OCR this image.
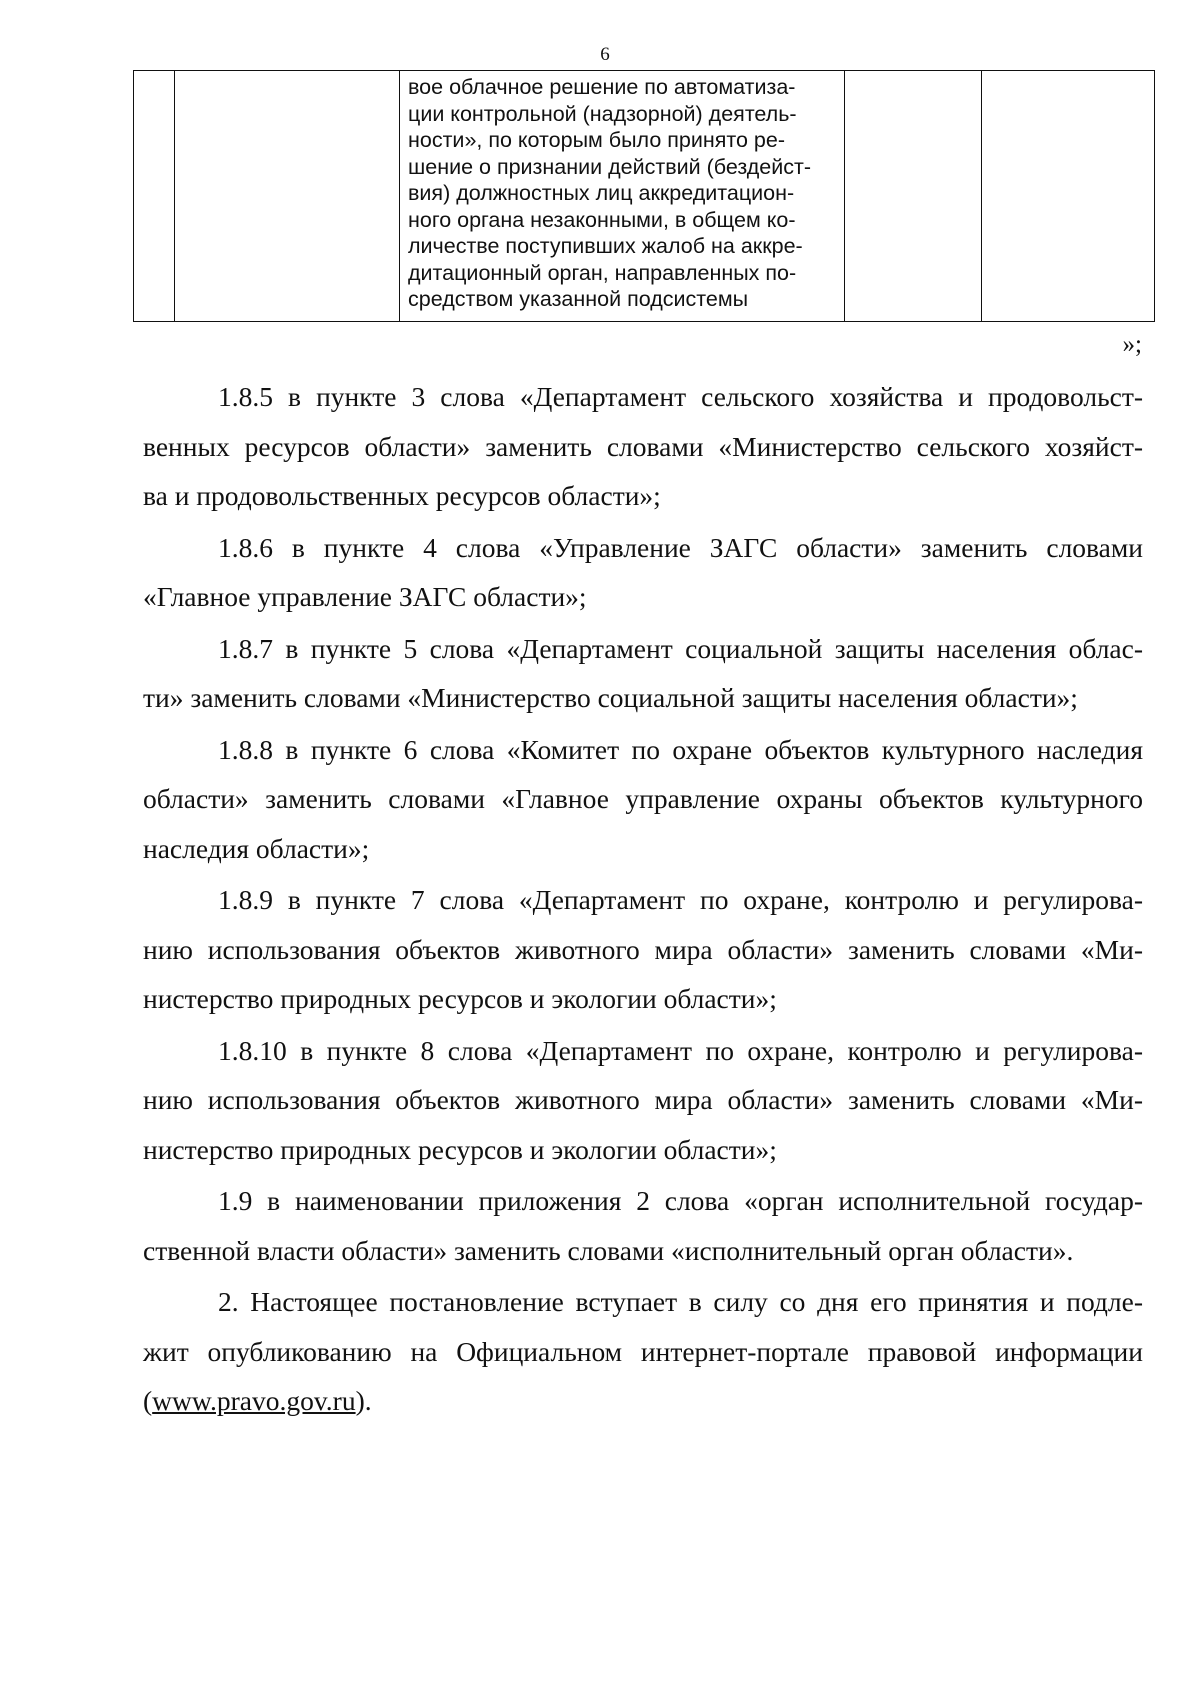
6

вое облачное решение по автоматиза-
ции контрольной (надзорной) деятель-
ности», по которым было принято ре-
шение о признании действий (бездейст-
вия) должностных лиц аккредитацион-
ного органа незаконными, в общем ко-
личестве поступивших жалоб на аккре-
дитационный орган, направленных по-
средством указанной подсистемы

»;

1.8.5 в пункте 3 слова «Департамент сельского хозяйства и продовольст-
венных ресурсов области» заменить словами «Министерство сельского хозяйст-
ва и продовольственных ресурсов области»;

1.8.6 в пункте 4 слова «Управление ЗАГС области» заменить словами
«Главное управление ЗАГС области»;

1.8.7 в пункте 5 слова «Департамент социальной защиты населения облас-
ти» заменить словами «Министерство социальной защиты населения области»;

1.8.8 в пункте 6 слова «Комитет по охране объектов культурного наследия
области» заменить словами «Главное управление охраны объектов культурного
наследия области»;

1.8.9 в пункте 7 слова «Департамент по охране, контролю и регулирова-
нию использования объектов животного мира области» заменить словами «Ми-
нистерство природных ресурсов и экологии области»;

1.8.10 в пункте 8 слова «Департамент по охране, контролю и регулирова-
нию использования объектов животного мира области» заменить словами «Ми-
нистерство природных ресурсов и экологии области»;

1.9 в наименовании приложения 2 слова «орган исполнительной государ-
ственной власти области» заменить словами «исполнительный орган области».

2. Настоящее постановление вступает в силу со дня его принятия и подле-
жит опубликованию на Официальном интернет-портале правовой информации
(www.pravo.gov.ru).
